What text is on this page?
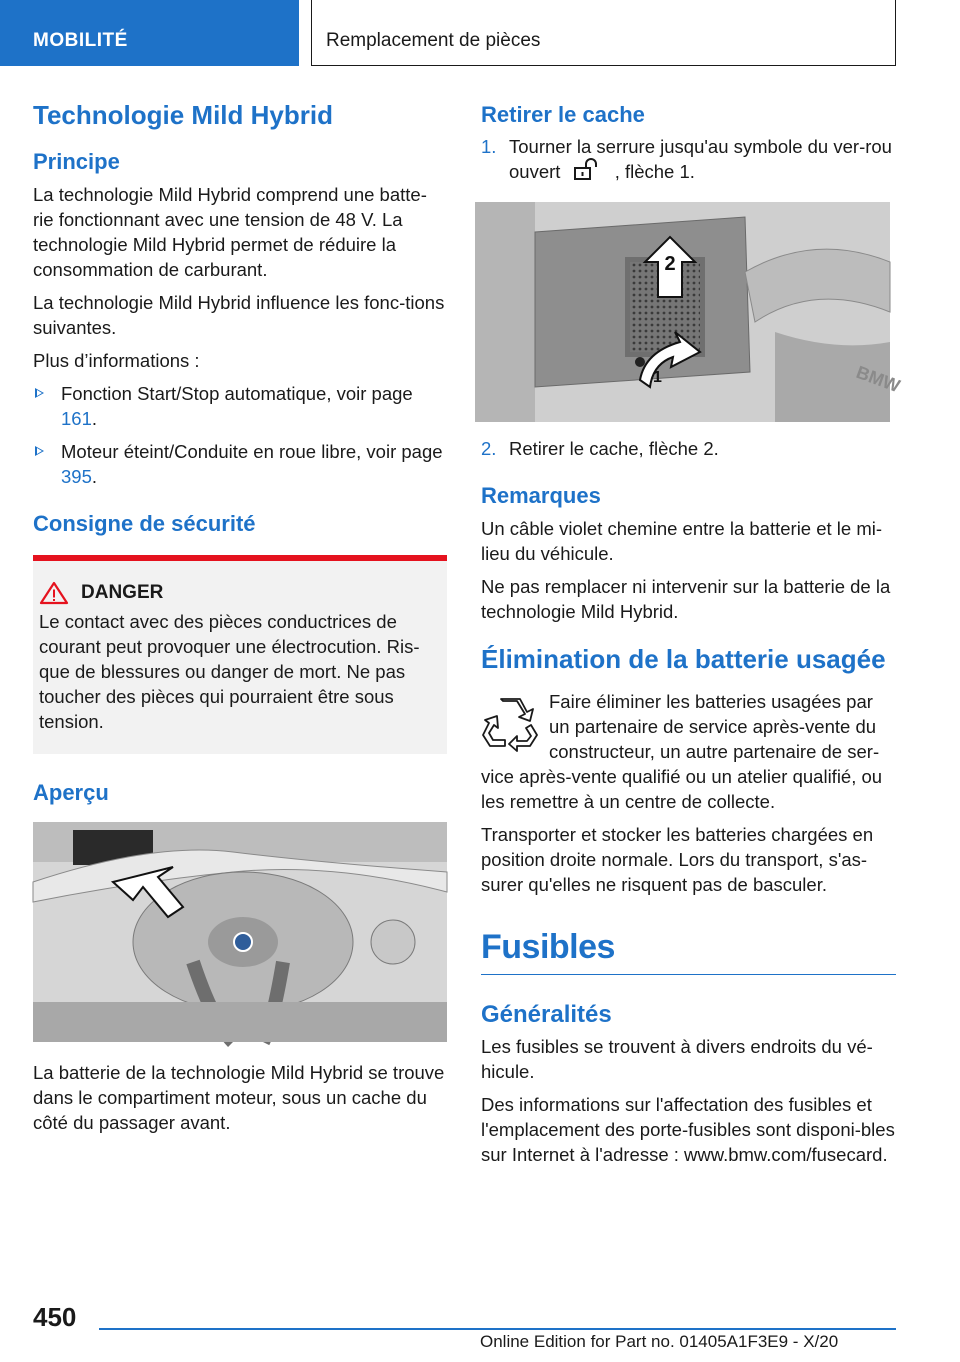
MOBILITÉ	Remplacement de pièces
Technologie Mild Hybrid
Principe

La technologie Mild Hybrid comprend une batte-rie fonctionnant avec une tension de 48 V. La technologie Mild Hybrid permet de réduire la consommation de carburant.

La technologie Mild Hybrid influence les fonc-tions suivantes.

Plus d’informations :

Fonction Start/Stop automatique, voir page 161.
Moteur éteint/Conduite en roue libre, voir page 395.
Consigne de sécurité
DANGER

Le contact avec des pièces conductrices de courant peut provoquer une électrocution. Ris-que de blessures ou danger de mort. Ne pas toucher des pièces qui pourraient être sous tension.

Aperçu

La batterie de la technologie Mild Hybrid se trouve dans le compartiment moteur, sous un cache du côté du passager avant.

Retirer le cache
1. Tourner la serrure jusqu'au symbole du ver-rou ouvert	, flèche 1.
2
1	BMW
2. Retirer le cache, flèche 2.
Remarques

Un câble violet chemine entre la batterie et le mi-lieu du véhicule.

Ne pas remplacer ni intervenir sur la batterie de la technologie Mild Hybrid.

Élimination de la batterie usagée

Faire éliminer les batteries usagées par un partenaire de service après-vente du constructeur, un autre partenaire de ser-vice après-vente qualifié ou un atelier qualifié, ou les remettre à un centre de collecte.

Transporter et stocker les batteries chargées en position droite normale. Lors du transport, s'as-surer qu'elles ne risquent pas de basculer.

Fusibles
Généralités

Les fusibles se trouvent à divers endroits du vé-hicule.

Des informations sur l'affectation des fusibles et l'emplacement des porte-fusibles sont disponi-bles sur Internet à l'adresse : www.bmw.com/fusecard.

450
Online Edition for Part no. 01405A1F3E9 - X/20
